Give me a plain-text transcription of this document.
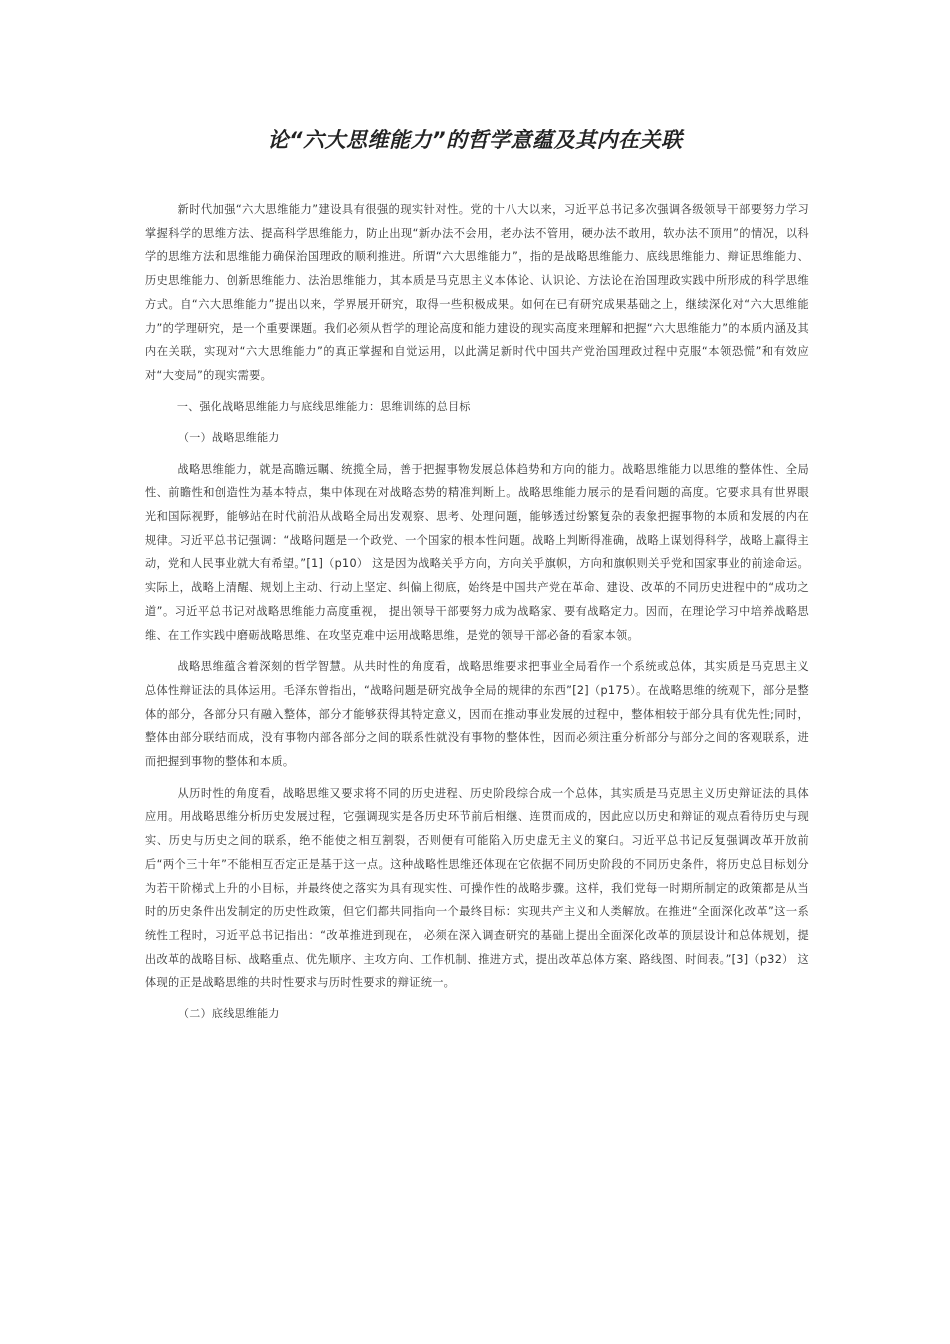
论“六大思维能力”的哲学意蕴及其内在关联

新时代加强“六大思维能力”建设具有很强的现实针对性。党的十八大以来，习近平总书记多次强调各级领导干部要努力学习掌握科学的思维方法、提高科学思维能力，防止出现“新办法不会用，老办法不管用，硬办法不敢用，软办法不顶用”的情况，以科学的思维方法和思维能力确保治国理政的顺利推进。所谓“六大思维能力”，指的是战略思维能力、底线思维能力、辩证思维能力、历史思维能力、创新思维能力、法治思维能力，其本质是马克思主义本体论、认识论、方法论在治国理政实践中所形成的科学思维方式。自“六大思维能力”提出以来，学界展开研究，取得一些积极成果。如何在已有研究成果基础之上，继续深化对“六大思维能力”的学理研究，是一个重要课题。我们必须从哲学的理论高度和能力建设的现实高度来理解和把握“六大思维能力”的本质内涵及其内在关联，实现对“六大思维能力”的真正掌握和自觉运用，以此满足新时代中国共产党治国理政过程中克服“本领恐慌”和有效应对“大变局”的现实需要。

一、强化战略思维能力与底线思维能力：思维训练的总目标

（一）战略思维能力

战略思维能力，就是高瞻远瞩、统揽全局，善于把握事物发展总体趋势和方向的能力。战略思维能力以思维的整体性、全局性、前瞻性和创造性为基本特点，集中体现在对战略态势的精准判断上。战略思维能力展示的是看问题的高度。它要求具有世界眼光和国际视野，能够站在时代前沿从战略全局出发观察、思考、处理问题，能够透过纷繁复杂的表象把握事物的本质和发展的内在规律。习近平总书记强调：“战略问题是一个政党、一个国家的根本性问题。战略上判断得准确，战略上谋划得科学，战略上赢得主动，党和人民事业就大有希望。”[1]（p10） 这是因为战略关乎方向，方向关乎旗帜，方向和旗帜则关乎党和国家事业的前途命运。实际上，战略上清醒、规划上主动、行动上坚定、纠偏上彻底，始终是中国共产党在革命、建设、改革的不同历史进程中的“成功之道”。习近平总书记对战略思维能力高度重视， 提出领导干部要努力成为战略家、要有战略定力。因而，在理论学习中培养战略思维、在工作实践中磨砺战略思维、在攻坚克难中运用战略思维，是党的领导干部必备的看家本领。

战略思维蕴含着深刻的哲学智慧。从共时性的角度看，战略思维要求把事业全局看作一个系统或总体，其实质是马克思主义总体性辩证法的具体运用。毛泽东曾指出，“战略问题是研究战争全局的规律的东西”[2]（p175）。在战略思维的统观下，部分是整体的部分，各部分只有融入整体，部分才能够获得其特定意义，因而在推动事业发展的过程中，整体相较于部分具有优先性;同时，整体由部分联结而成，没有事物内部各部分之间的联系性就没有事物的整体性，因而必须注重分析部分与部分之间的客观联系，进而把握到事物的整体和本质。

从历时性的角度看，战略思维又要求将不同的历史进程、历史阶段综合成一个总体，其实质是马克思主义历史辩证法的具体应用。用战略思维分析历史发展过程，它强调现实是各历史环节前后相继、连贯而成的，因此应以历史和辩证的观点看待历史与现实、历史与历史之间的联系，绝不能使之相互割裂，否则便有可能陷入历史虚无主义的窠臼。习近平总书记反复强调改革开放前后“两个三十年”不能相互否定正是基于这一点。这种战略性思维还体现在它依据不同历史阶段的不同历史条件，将历史总目标划分为若干阶梯式上升的小目标，并最终使之落实为具有现实性、可操作性的战略步骤。这样，我们党每一时期所制定的政策都是从当时的历史条件出发制定的历史性政策，但它们都共同指向一个最终目标：实现共产主义和人类解放。在推进“全面深化改革”这一系统性工程时，习近平总书记指出：“改革推进到现在， 必须在深入调查研究的基础上提出全面深化改革的顶层设计和总体规划，提出改革的战略目标、战略重点、优先顺序、主攻方向、工作机制、推进方式，提出改革总体方案、路线图、时间表。”[3]（p32） 这体现的正是战略思维的共时性要求与历时性要求的辩证统一。

（二）底线思维能力
